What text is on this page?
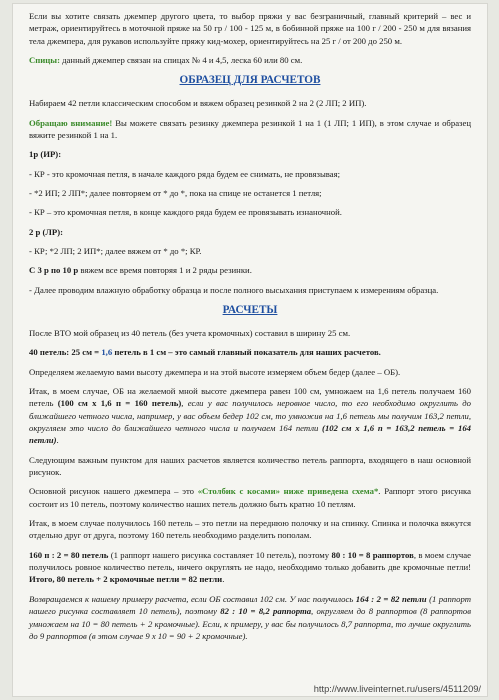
Если вы хотите связать джемпер другого цвета, то выбор пряжи у вас безграничный, главный критерий – вес и метраж, ориентируйтесь в моточной пряже на 50 гр / 100 - 125 м, в бобинной пряже на 100 г / 200 - 250 м для вязания тела джемпера, для рукавов используйте пряжу кид-мохер, ориентируйтесь на 25 г / от 200 до 250 м.

Спицы: данный джемпер связан на спицах № 4 и 4,5, леска 60 или 80 см.

ОБРАЗЕЦ ДЛЯ РАСЧЕТОВ

Набираем 42 петли классическим способом и вяжем образец резинкой 2 на 2 (2 ЛП; 2 ИП).

Обращаю внимание! Вы можете связать резинку джемпера резинкой 1 на 1 (1 ЛП; 1 ИП), в этом случае и образец вяжите резинкой 1 на 1.

1р (ИР):

- КР - это кромочная петля, в начале каждого ряда будем ее снимать, не провязывая;

- *2 ИП; 2 ЛП*; далее повторяем от * до *, пока на спице не останется 1 петля;

- КР – это кромочная петля, в конце каждого ряда будем ее провязывать изнаночной.

2 р (ЛР):

- КР; *2 ЛП; 2 ИП*; далее вяжем от * до *; КР.

С 3 р по 10 р вяжем все время повторяя 1 и 2 ряды резинки.

- Далее проводим влажную обработку образца и после полного высыхания приступаем к измерениям образца.

РАСЧЕТЫ

После ВТО мой образец из 40 петель (без учета кромочных) составил в ширину 25 см.

40 петель: 25 см = 1,6 петель в 1 см – это самый главный показатель для наших расчетов.

Определяем желаемую вами высоту джемпера и на этой высоте измеряем объем бедер (далее – ОБ).

Итак, в моем случае, ОБ на желаемой мной высоте джемпера равен 100 см, умножаем на 1,6 петель получаем 160 петель (100 см х 1,6 п = 160 петель), если у вас получилось неровное число, то его необходимо округлить до ближайшего четного числа, например, у вас объем бедер 102 см, то умножив на 1,6 петель мы получим 163,2 петли, округляем это число до ближайшего четного числа и получаем 164 петли (102 см х 1,6 п = 163,2 петель = 164 петли).

Следующим важным пунктом для наших расчетов является количество петель раппорта, входящего в наш основной рисунок.

Основной рисунок нашего джемпера – это «Столбик с косами» ниже приведена схема*. Раппорт этого рисунка состоит из 10 петель, поэтому количество наших петель должно быть кратно 10 петлям.

Итак, в моем случае получилось 160 петель – это петли на переднюю полочку и на спинку. Спинка и полочка вяжутся отдельно друг от друга, поэтому 160 петель необходимо разделить пополам.

160 п : 2 = 80 петель (1 раппорт нашего рисунка составляет 10 петель), поэтому 80 : 10 = 8 раппортов, в моем случае получилось ровное количество петель, ничего округлять не надо, необходимо только добавить две кромочные петли! Итого, 80 петель + 2 кромочные петли = 82 петли.

Возвращаемся к нашему примеру расчета, если ОБ составил 102 см. У нас получилось 164 : 2 = 82 петли (1 раппорт нашего рисунка составляет 10 петель), поэтому 82 : 10 = 8,2 раппорта, округляем до 8 раппортов (8 раппортов умножаем на 10 = 80 петель + 2 кромочные). Если, к примеру, у вас бы получилось 8,7 раппорта, то лучше округлить до 9 раппортов (в этом случае 9 х 10 = 90 + 2 кромочные).

http://www.liveinternet.ru/users/4511209/
